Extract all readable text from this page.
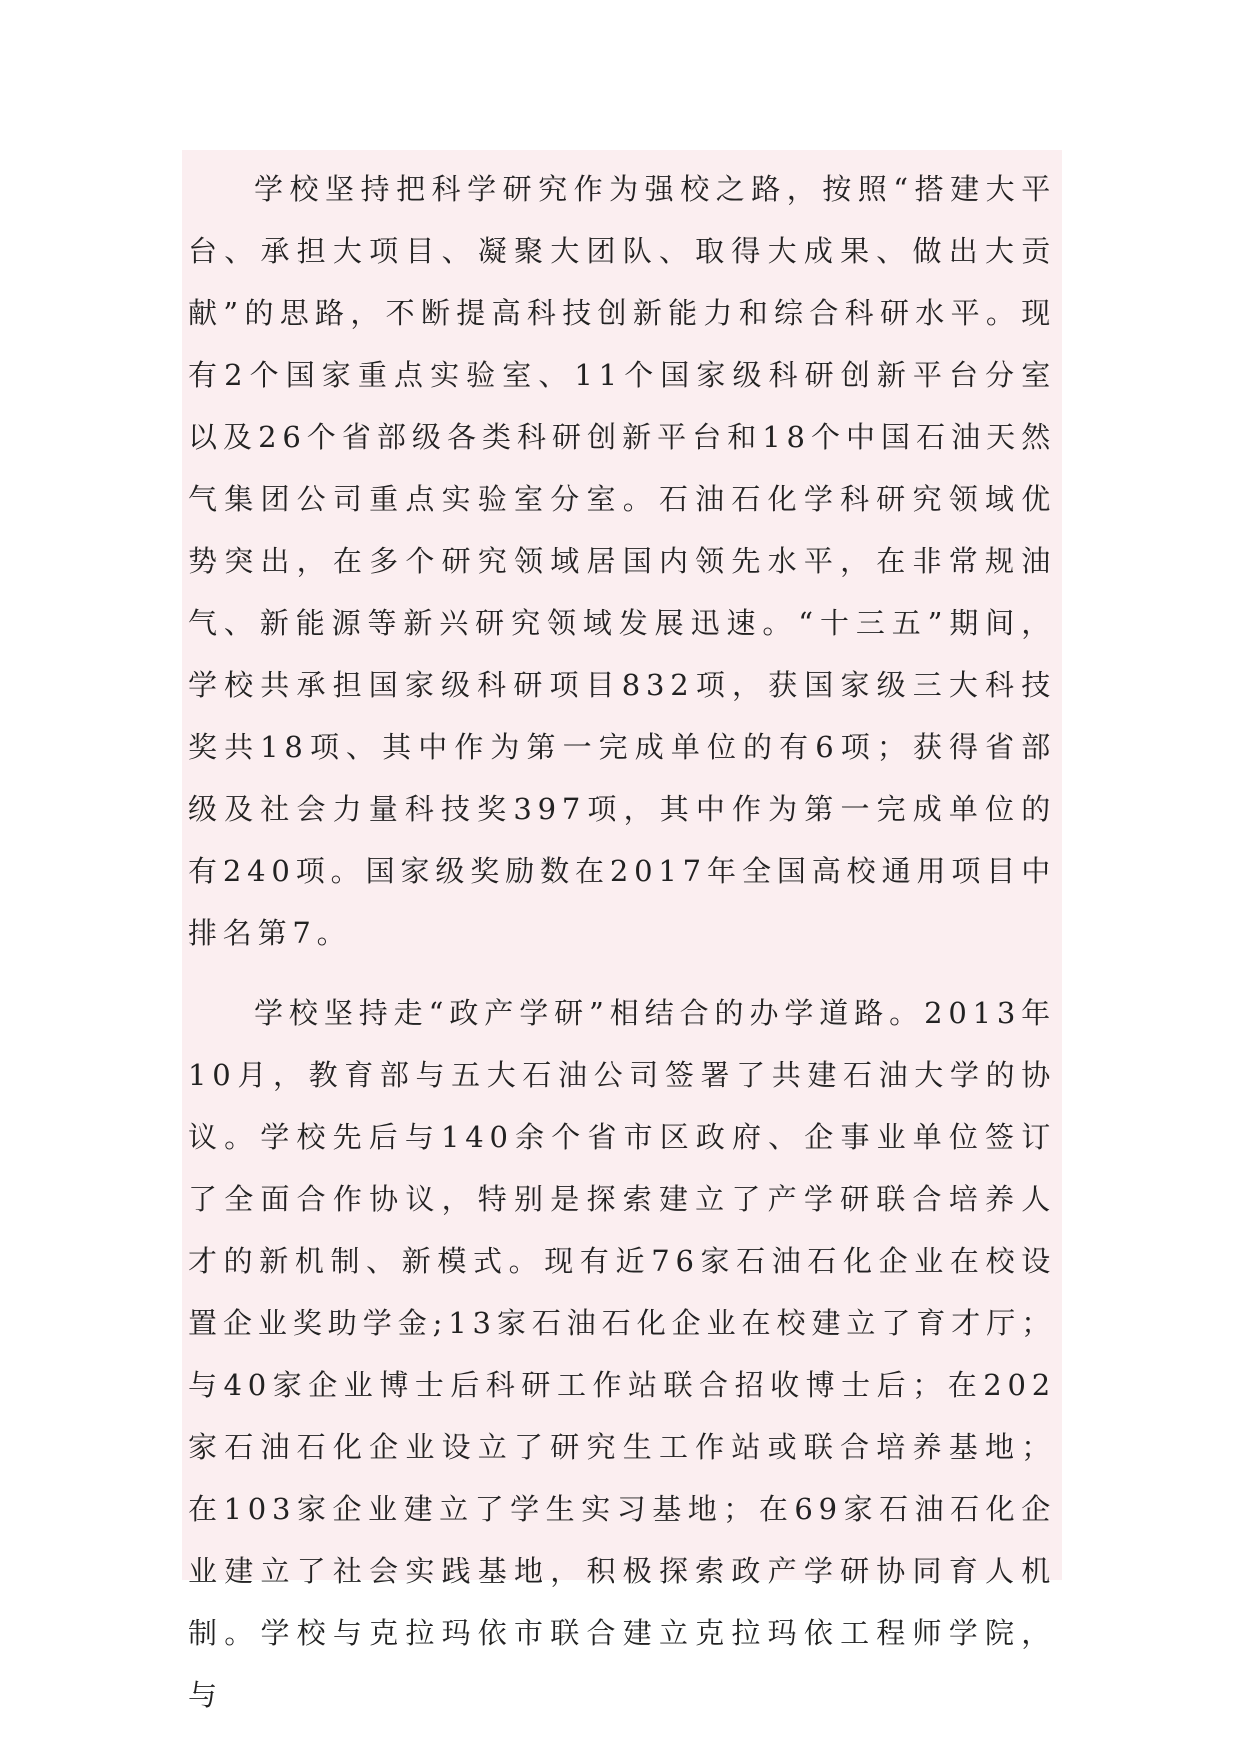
学校坚持把科学研究作为强校之路，按照“搭建大平台、承担大项目、凝聚大团队、取得大成果、做出大贡献”的思路，不断提高科技创新能力和综合科研水平。现有2个国家重点实验室、11个国家级科研创新平台分室以及26个省部级各类科研创新平台和18个中国石油天然气集团公司重点实验室分室。石油石化学科研究领域优势突出，在多个研究领域居国内领先水平，在非常规油气、新能源等新兴研究领域发展迅速。“十三五”期间，学校共承担国家级科研项目832项，获国家级三大科技奖共18项、其中作为第一完成单位的有6项；获得省部级及社会力量科技奖397项，其中作为第一完成单位的有240项。国家级奖励数在2017年全国高校通用项目中排名第7。

学校坚持走“政产学研”相结合的办学道路。2013年10月，教育部与五大石油公司签署了共建石油大学的协议。学校先后与140余个省市区政府、企事业单位签订了全面合作协议，特别是探索建立了产学研联合培养人才的新机制、新模式。现有近76家石油石化企业在校设置企业奖助学金;13家石油石化企业在校建立了育才厅；与40家企业博士后科研工作站联合招收博士后；在202家石油石化企业设立了研究生工作站或联合培养基地；在103家企业建立了学生实习基地；在69家石油石化企业建立了社会实践基地，积极探索政产学研协同育人机制。学校与克拉玛依市联合建立克拉玛依工程师学院，与
